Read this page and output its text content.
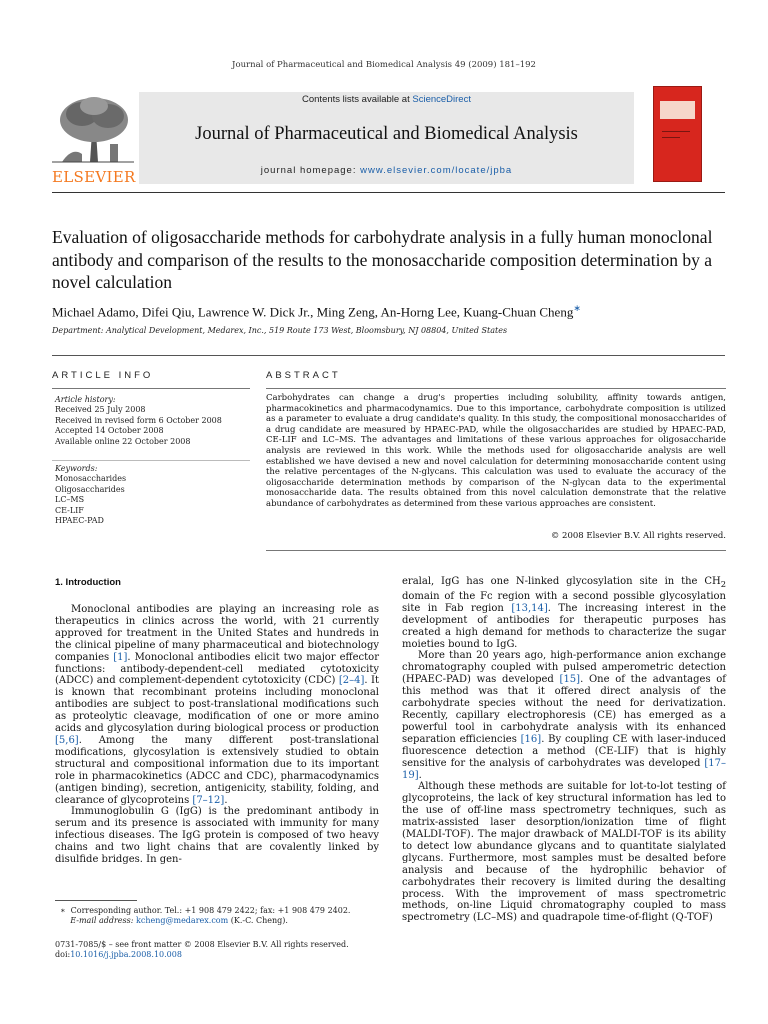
Journal of Pharmaceutical and Biomedical Analysis 49 (2009) 181–192
ELSEVIER
Contents lists available at ScienceDirect
Journal of Pharmaceutical and Biomedical Analysis
journal homepage: www.elsevier.com/locate/jpba
Evaluation of oligosaccharide methods for carbohydrate analysis in a fully human monoclonal antibody and comparison of the results to the monosaccharide composition determination by a novel calculation
Michael Adamo, Difei Qiu, Lawrence W. Dick Jr., Ming Zeng, An-Horng Lee, Kuang-Chuan Cheng∗
Department: Analytical Development, Medarex, Inc., 519 Route 173 West, Bloomsbury, NJ 08804, United States
ARTICLE INFO	ABSTRACT
Article history:
Received 25 July 2008
Received in revised form 6 October 2008
Accepted 14 October 2008
Available online 22 October 2008
Keywords:
Monosaccharides
Oligosaccharides
LC–MS
CE-LIF
HPAEC-PAD
Carbohydrates can change a drug's properties including solubility, affinity towards antigen, pharmacokinetics and pharmacodynamics. Due to this importance, carbohydrate composition is utilized as a parameter to evaluate a drug candidate's quality. In this study, the compositional monosaccharides of a drug candidate are measured by HPAEC-PAD, while the oligosaccharides are studied by HPAEC-PAD, CE-LIF and LC–MS. The advantages and limitations of these various approaches for oligosaccharide analysis are reviewed in this work. While the methods used for oligosaccharide analysis are well established we have devised a new and novel calculation for determining monosaccharide content using the relative percentages of the N-glycans. This calculation was used to evaluate the accuracy of the oligosaccharide determination methods by comparison of the N-glycan data to the experimental monosaccharide data. The results obtained from this novel calculation demonstrate that the relative abundance of carbohydrates as determined from these various approaches are consistent.
© 2008 Elsevier B.V. All rights reserved.
1. Introduction

Monoclonal antibodies are playing an increasing role as therapeutics in clinics across the world, with 21 currently approved for treatment in the United States and hundreds in the clinical pipeline of many pharmaceutical and biotechnology companies [1]. Monoclonal antibodies elicit two major effector functions: antibody-dependent-cell mediated cytotoxicity (ADCC) and complement-dependent cytotoxicity (CDC) [2–4]. It is known that recombinant proteins including monoclonal antibodies are subject to post-translational modifications such as proteolytic cleavage, modification of one or more amino acids and glycosylation during biological process or production [5,6]. Among the many different post-translational modifications, glycosylation is extensively studied to obtain structural and compositional information due to its important role in pharmacokinetics (ADCC and CDC), pharmacodynamics (antigen binding), secretion, antigenicity, stability, folding, and clearance of glycoproteins [7–12].

Immunoglobulin G (IgG) is the predominant antibody in serum and its presence is associated with immunity for many infectious diseases. The IgG protein is composed of two heavy chains and two light chains that are covalently linked by disulfide bridges. In gen-

eralal, IgG has one N-linked glycosylation site in the $CH_2$ domain of the Fc region with a second possible glycosylation site in Fab region [13,14]. The increasing interest in the development of antibodies for therapeutic purposes has created a high demand for methods to characterize the sugar moieties bound to IgG.

More than 20 years ago, high-performance anion exchange chromatography coupled with pulsed amperometric detection (HPAEC-PAD) was developed [15]. One of the advantages of this method was that it offered direct analysis of the carbohydrate species without the need for derivatization. Recently, capillary electrophoresis (CE) has emerged as a powerful tool in carbohydrate analysis with its enhanced separation efficiencies [16]. By coupling CE with laser-induced fluorescence detection a method (CE-LIF) that is highly sensitive for the analysis of carbohydrates was developed [17–19].

Although these methods are suitable for lot-to-lot testing of glycoproteins, the lack of key structural information has led to the use of off-line mass spectrometry techniques, such as matrix-assisted laser desorption/ionization time of flight (MALDI-TOF). The major drawback of MALDI-TOF is its ability to detect low abundance glycans and to quantitate sialylated glycans. Furthermore, most samples must be desalted before analysis and because of the hydrophilic behavior of carbohydrates their recovery is limited during the desalting process. With the improvement of mass spectrometric methods, on-line Liquid chromatography coupled to mass spectrometry (LC–MS) and quadrapole time-of-flight (Q-TOF)

∗ Corresponding author. Tel.: +1 908 479 2422; fax: +1 908 479 2402.
E-mail address: kcheng@medarex.com (K.-C. Cheng).
0731-7085/$ – see front matter © 2008 Elsevier B.V. All rights reserved.
doi:10.1016/j.jpba.2008.10.008
